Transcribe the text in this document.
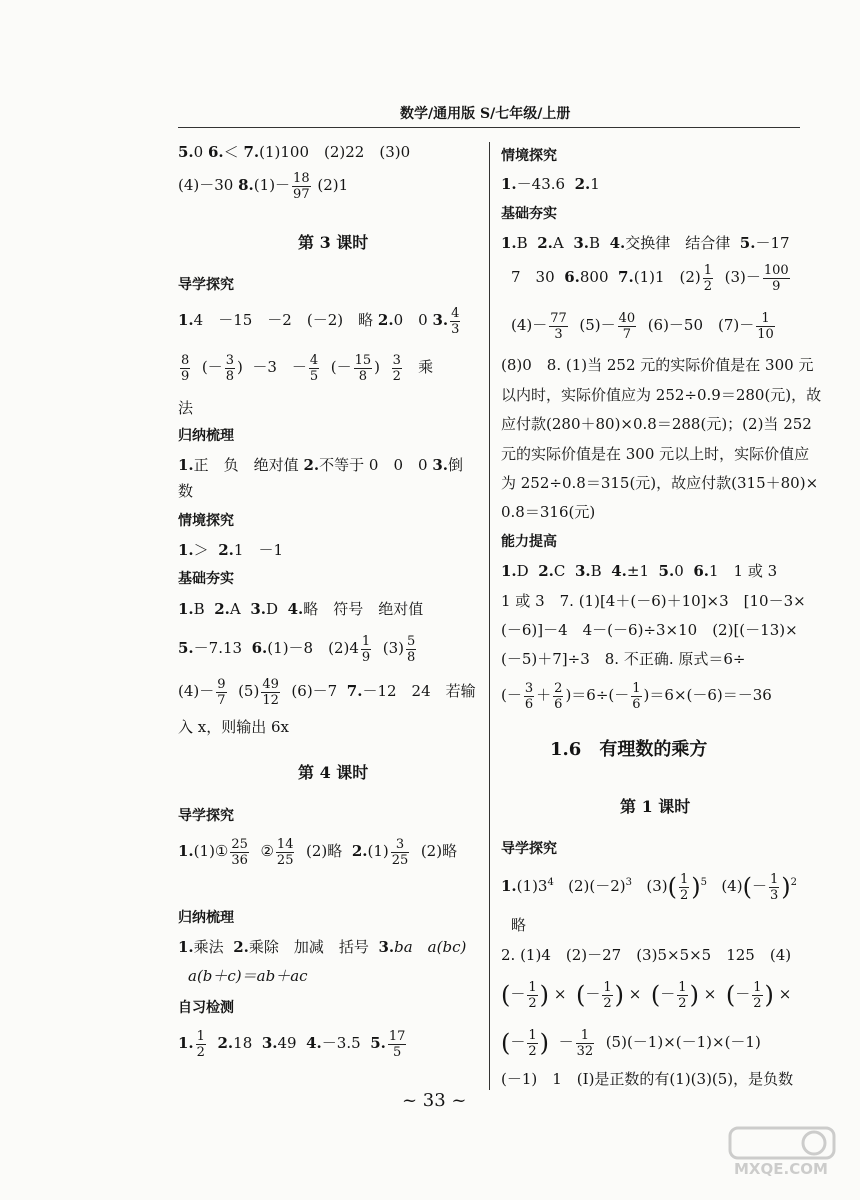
数学/通用版 S/七年级/上册
5.0 6.＜ 7.(1)100　(2)22　(3)0
(4)－30 $8.(1)- \frac{18}{97} (2)1$
第 3 课时
导学探究
1.4　－15　－2　(－2)　略 2.0　0 3. $\frac{4}{3}$
$\frac{8}{9}$ (－ $\frac{3}{8}$ ) －3　－ $\frac{4}{5}$ (－ $\frac{15}{8}$ ) $\frac{3}{2}$ 乘
法
归纳梳理
1.正　负　绝对值 2.不等于 0　0　0 3.倒
数
情境探究
1.＞ 2.1　－1
基础夯实
1.B 2.A 3.D 4.略　符号　绝对值
5.－7.13 6.(1)－8　$(2)4 \frac{1}{9} (3) \frac{5}{8}$
$(4)- \frac{9}{7} (5) \frac{49}{12} (6)-7$ 7.－12　24　若输
入 x，则输出 6x
第 4 课时
导学探究
1.(1)① $\frac{25}{36}$ ② $\frac{14}{25} (2)$略 $2.(1) \frac{3}{25} (2)$略
归纳梳理
1.乘法 2.乘除　加减　括号 3.ba　a(bc)
a(b＋c)＝ab＋ac
自习检测
1. $\frac{1}{2} 2.18$ 3.49 4.－3.5 5. $\frac{17}{5}$
情境探究
1.－43.6 2.1
基础夯实
1.B 2.A 3.B 4.交换律　结合律 5.－17
7　30 6.800 7.(1)1　$(2) \frac{1}{2} (3)- \frac{100}{9}$
$(4)- \frac{77}{3} (5)- \frac{40}{7} (6)-50$　$(7)- \frac{1}{10}$
(8)0　8. (1)当 252 元的实际价值是在 300 元
以内时，实际价值应为 252÷0.9＝280(元)，故
应付款(280＋80)×0.8＝288(元)；(2)当 252
元的实际价值是在 300 元以上时，实际价值应
为 252÷0.8＝315(元)，故应付款(315＋80)×
0.8＝316(元)
能力提高
1.D 2.C 3.B 4.±1 5.0 6.1　1 或 3
1 或 3　7. (1)[4＋(－6)＋10]×3　[10－3×
(－6)]－4　4－(－6)÷3×10　(2)[(－13)×
(－5)＋7]÷3　8. 不正确. 原式＝6÷
(－ $\frac{3}{6} + \frac{2}{6} )=6\div(- \frac{1}{6} )=6\times(-6)=-36$
1.6　有理数的乘方
第 1 课时
导学探究
$1.(1)3^4$ $(2)(-2)^3$ $(3)( \frac{1}{2} )^5$ $(4)(- \frac{1}{3} )^2$
略
2. (1)4　(2)－27　(3)5×5×5　125　(4)
(－ $\frac{1}{2}$ ) × (－ $\frac{1}{2}$ ) × (－ $\frac{1}{2}$ ) × (－ $\frac{1}{2}$ ) ×
(－ $\frac{1}{2}$ ) － $\frac{1}{32} (5)(-1)\times(-1)\times(-1)$
(－1)　1　(Ⅰ)是正数的有(1)(3)(5)，是负数
~ 33 ~
MXQE.COM
